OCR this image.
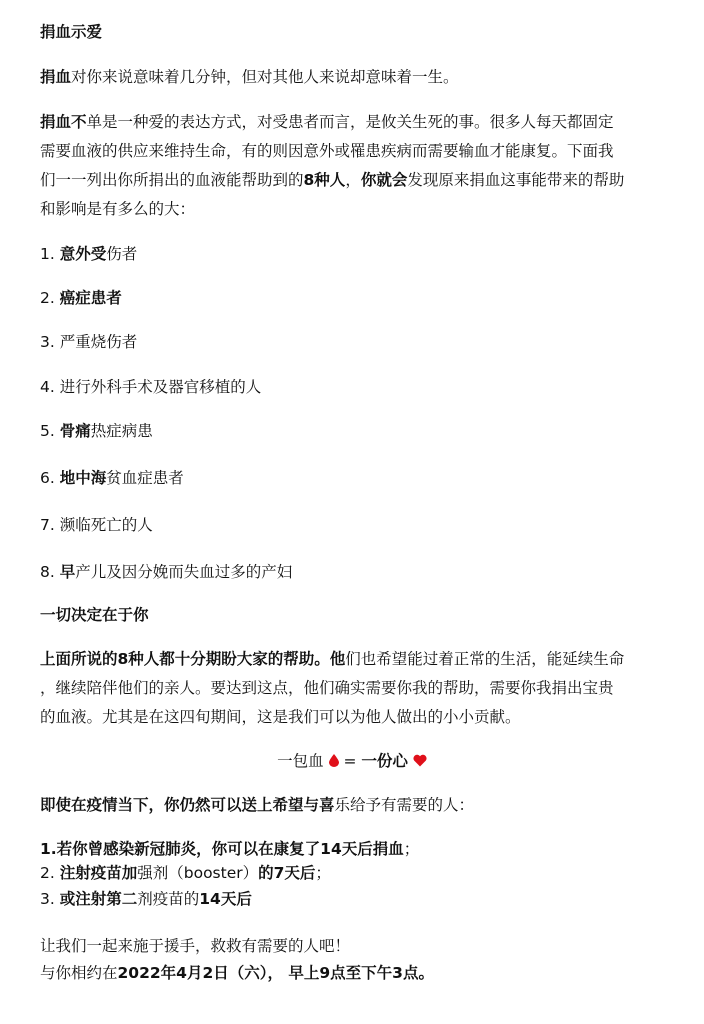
捐血示爱
捐血对你来说意味着几分钟，但对其他人来说却意味着一生。
捐血不单是一种爱的表达方式，对受患者而言，是攸关生死的事。很多人每天都固定
需要血液的供应来维持生命，有的则因意外或罹患疾病而需要输血才能康复。下面我
们一一列出你所捐出的血液能帮助到的8种人，你就会发现原来捐血这事能带来的帮助
和影响是有多么的大：
1. 意外受伤者
2. 癌症患者
3. 严重烧伤者
4. 进行外科手术及器官移植的人
5. 骨痛热症病患
6. 地中海贫血症患者
7. 濒临死亡的人
8. 早产儿及因分娩而失血过多的产妇
一切决定在于你
上面所说的8种人都十分期盼大家的帮助。他们也希望能过着正常的生活，能延续生命
，继续陪伴他们的亲人。要达到这点，他们确实需要你我的帮助，需要你我捐出宝贵
的血液。尤其是在这四旬期间，这是我们可以为他人做出的小小贡献。
一包血  = 一份心
即使在疫情当下，你仍然可以送上希望与喜乐给予有需要的人：
1.若你曾感染新冠肺炎，你可以在康复了14天后捐血；
2. 注射疫苗加强剂（booster）的7天后；
3. 或注射第二剂疫苗的14天后
让我们一起来施于援手，救救有需要的人吧！
与你相约在2022年4月2日（六）， 早上9点至下午3点。
